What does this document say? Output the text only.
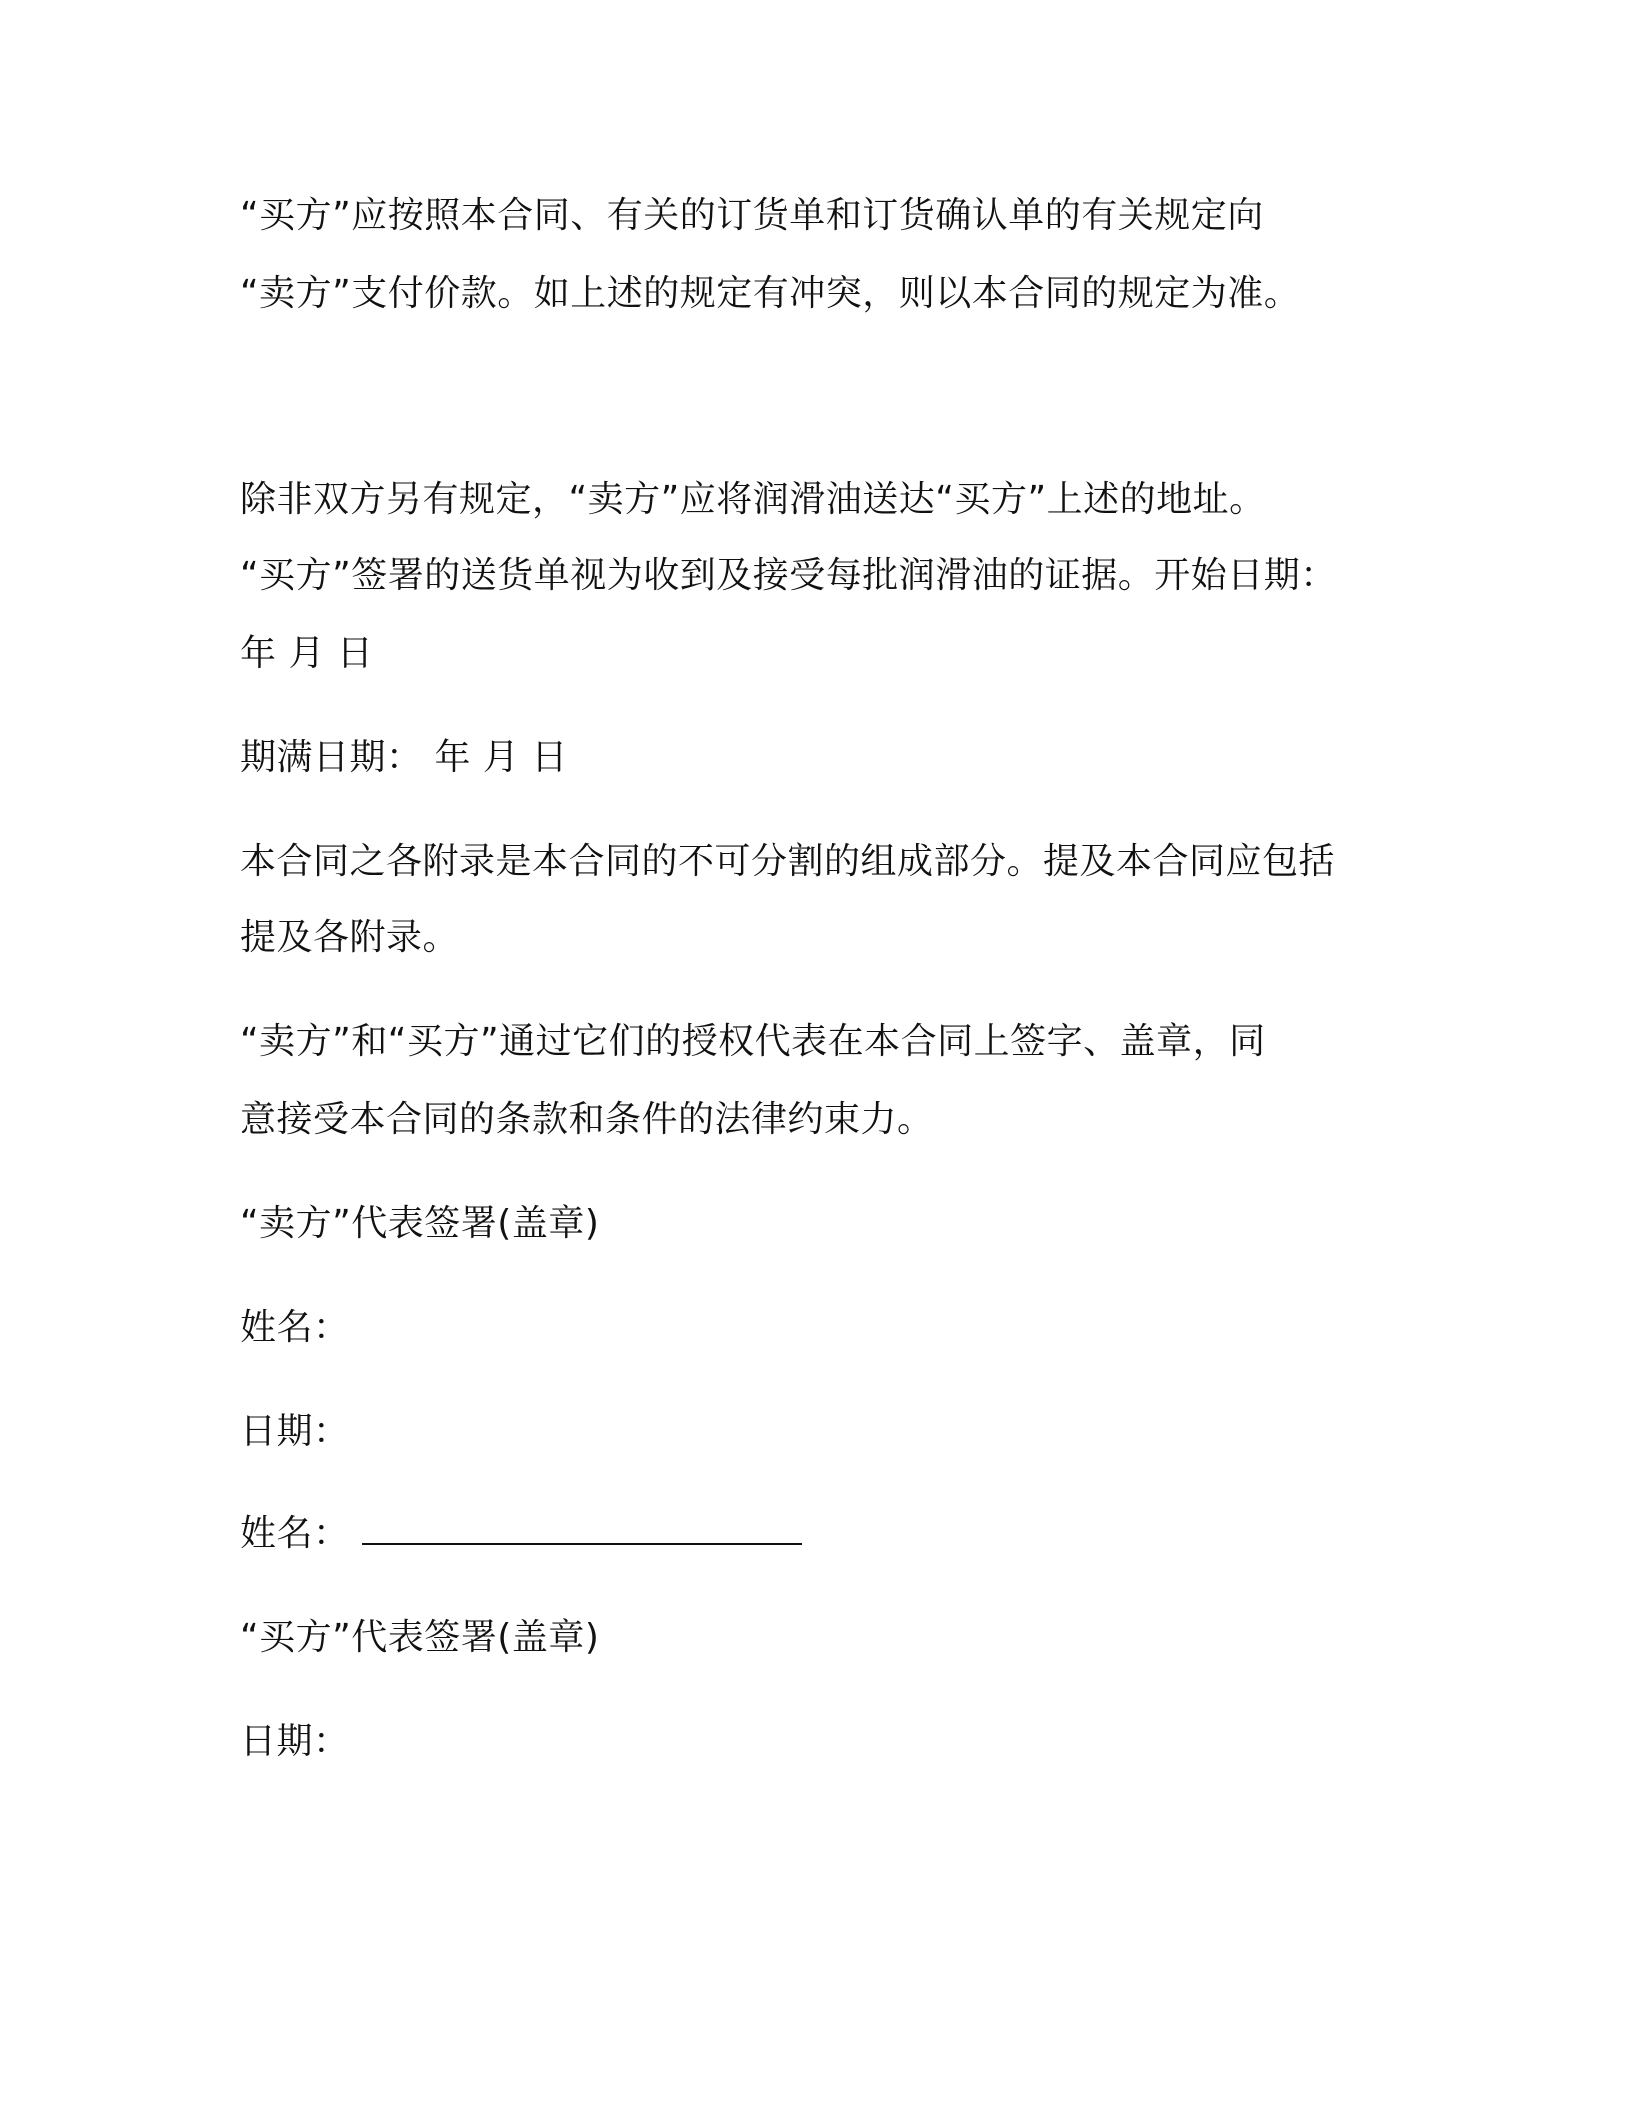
“买方”应按照本合同、有关的订货单和订货确认单的有关规定向
“卖方”支付价款。如上述的规定有冲突，则以本合同的规定为准。
除非双方另有规定，“卖方”应将润滑油送达“买方”上述的地址。
“买方”签署的送货单视为收到及接受每批润滑油的证据。开始日期：
年 月 日
期满日期： 年 月 日
本合同之各附录是本合同的不可分割的组成部分。提及本合同应包括
提及各附录。
“卖方”和“买方”通过它们的授权代表在本合同上签字、盖章，同
意接受本合同的条款和条件的法律约束力。
“卖方”代表签署(盖章)
姓名：
日期：
姓名：
“买方”代表签署(盖章)
日期：
